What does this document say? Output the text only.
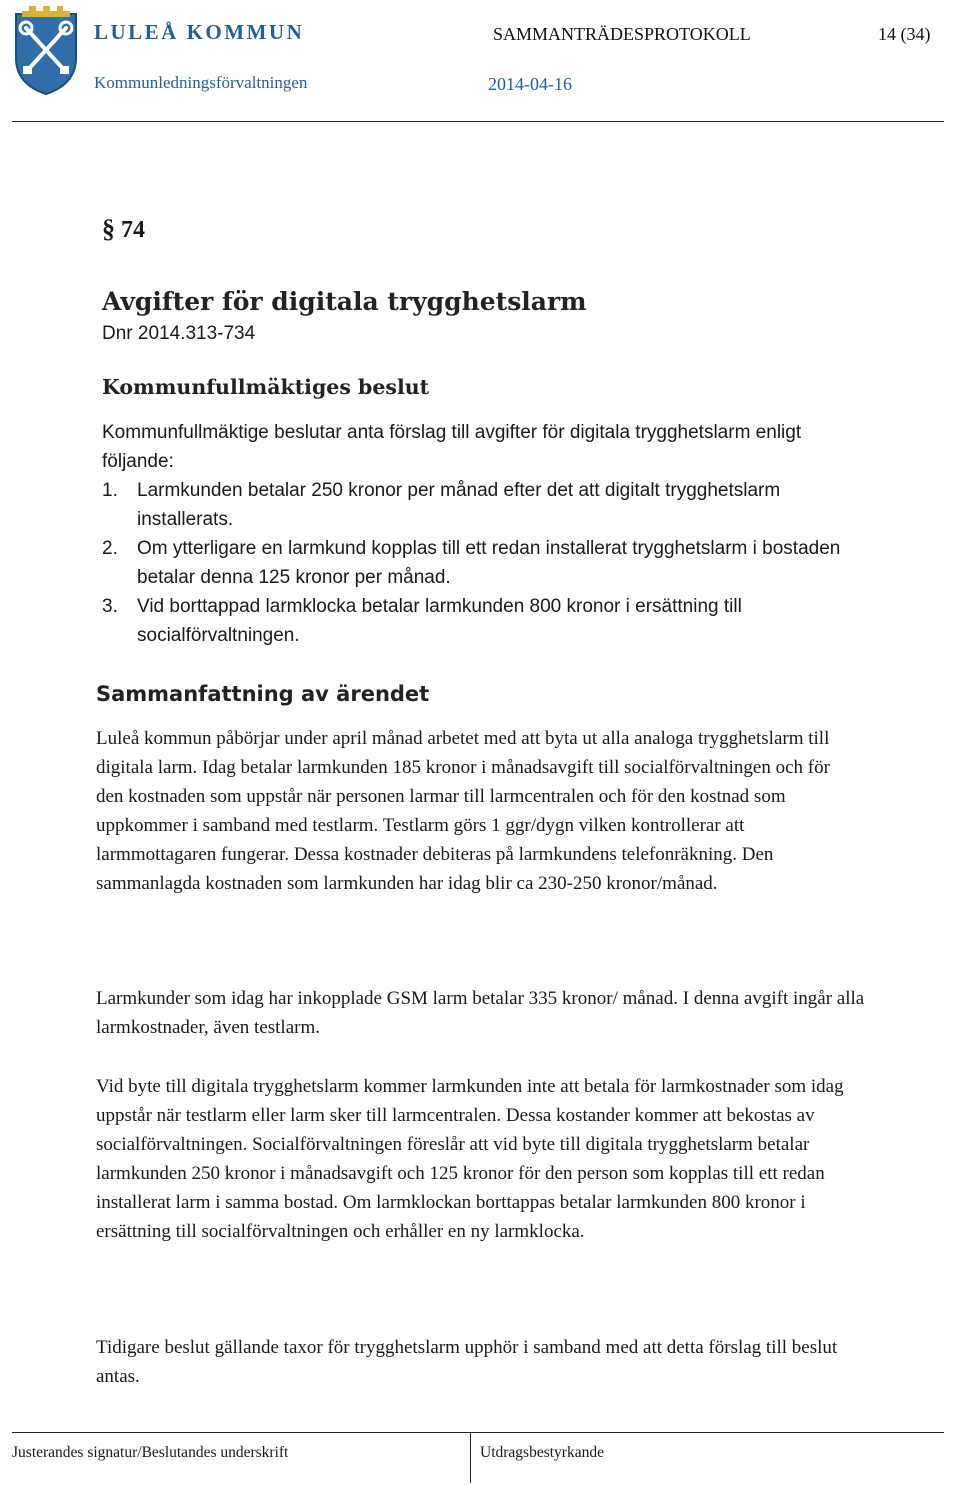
LULEÅ KOMMUN
Kommunledningsförvaltningen
SAMMANTRÄDESPROTOKOLL	14 (34)
2014-04-16
§ 74
Avgifter för digitala trygghetslarm
Dnr 2014.313-734
Kommunfullmäktiges beslut
Kommunfullmäktige beslutar anta förslag till avgifter för digitala trygghetslarm enligt följande:
1. Larmkunden betalar 250 kronor per månad efter det att digitalt trygghetslarm installerats.
2. Om ytterligare en larmkund kopplas till ett redan installerat trygghetslarm i bostaden betalar denna 125 kronor per månad.
3. Vid borttappad larmklocka betalar larmkunden 800 kronor i ersättning till socialförvaltningen.
Sammanfattning av ärendet
Luleå kommun påbörjar under april månad arbetet med att byta ut alla analoga trygghetslarm till digitala larm. Idag betalar larmkunden 185 kronor i månadsavgift till socialförvaltningen och för den kostnaden som uppstår när personen larmar till larmcentralen och för den kostnad som uppkommer i samband med testlarm. Testlarm görs 1 ggr/dygn vilken kontrollerar att larmmottagaren fungerar. Dessa kostnader debiteras på larmkundens telefonräkning. Den sammanlagda kostnaden som larmkunden har idag blir ca 230-250 kronor/månad.
Larmkunder som idag har inkopplade GSM larm betalar 335 kronor/ månad. I denna avgift ingår alla larmkostnader, även testlarm.
Vid byte till digitala trygghetslarm kommer larmkunden inte att betala för larmkostnader som idag uppstår när testlarm eller larm sker till larmcentralen. Dessa kostander kommer att bekostas av socialförvaltningen. Socialförvaltningen föreslår att vid byte till digitala trygghetslarm betalar larmkunden 250 kronor i månadsavgift och 125 kronor för den person som kopplas till ett redan installerat larm i samma bostad. Om larmklockan borttappas betalar larmkunden 800 kronor i ersättning till socialförvaltningen och erhåller en ny larmklocka.
Tidigare beslut gällande taxor för trygghetslarm upphör i samband med att detta förslag till beslut antas.
Justerandes signatur/Beslutandes underskrift	Utdragsbestyrkande
